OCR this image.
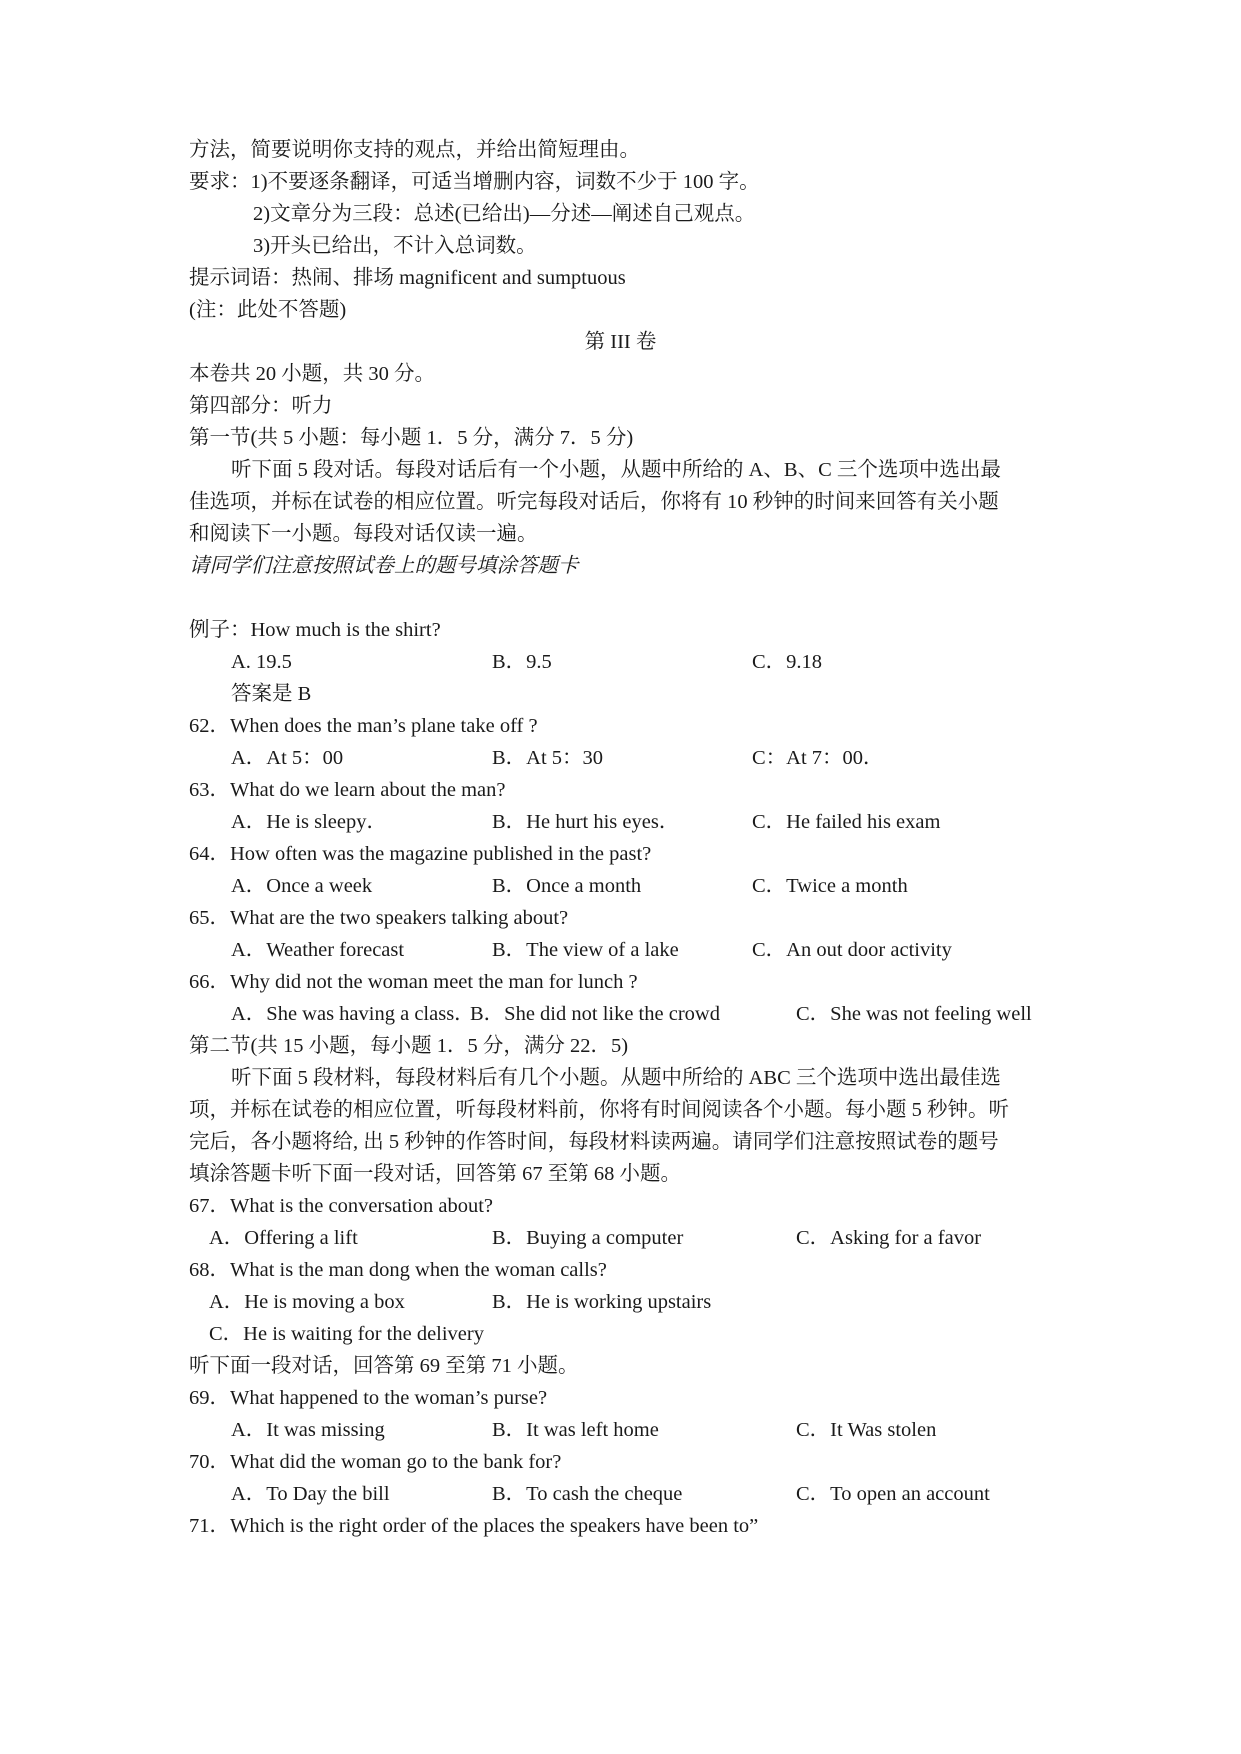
方法，简要说明你支持的观点，并给出简短理由。
要求：1)不要逐条翻译，可适当增删内容，词数不少于 100 字。
2)文章分为三段：总述(已给出)—分述—阐述自己观点。
3)开头已给出，不计入总词数。
提示词语：热闹、排场 magnificent and sumptuous
(注：此处不答题)
第 III 卷
本卷共 20 小题，共 30 分。
第四部分：听力
第一节(共 5 小题：每小题 1．5 分，满分 7．5 分)
听下面 5 段对话。每段对话后有一个小题，从题中所给的 A、B、C 三个选项中选出最
佳选项，并标在试卷的相应位置。听完每段对话后，你将有 10 秒钟的时间来回答有关小题
和阅读下一小题。每段对话仅读一遍。
请同学们注意按照试卷上的题号填涂答题卡
例子：How much is the shirt?
A. 19.5	B．9.5	C．9.18
答案是 B
62．When does the man’s plane take off ?
A．At 5：00	B．At 5：30	C：At 7：00．
63．What do we learn about the man?
A．He is sleepy．	B．He hurt his eyes．	C．He failed his exam
64．How often was the magazine published in the past?
A．Once a week	B．Once a month	C．Twice a month
65．What are the two speakers talking about?
A．Weather forecast	B．The view of a lake	C．An out door activity
66．Why did not the woman meet the man for lunch ?
A．She was having a class．
B．She did not like the crowd	C．She was not feeling well
第二节(共 15 小题，每小题 1．5 分，满分 22．5)
听下面 5 段材料，每段材料后有几个小题。从题中所给的 ABC 三个选项中选出最佳选
项，并标在试卷的相应位置，听每段材料前，你将有时间阅读各个小题。每小题 5 秒钟。听
完后，各小题将给, 出 5 秒钟的作答时间，每段材料读两遍。请同学们注意按照试卷的题号
填涂答题卡听下面一段对话，回答第 67 至第 68 小题。
67．What is the conversation about?
A．Offering a lift	B．Buying a computer	C．Asking for a favor
68．What is the man dong when the woman calls?
A．He is moving a box	B．He is working upstairs
C．He is waiting for the delivery
听下面一段对话，回答第 69 至第 71 小题。
69．What happened to the woman’s purse?
A．It was missing	B．It was left home	C．It Was stolen
70．What did the woman go to the bank for?
A．To Day the bill	B．To cash the cheque	C．To open an account
71．Which is the right order of the places the speakers have been to”
